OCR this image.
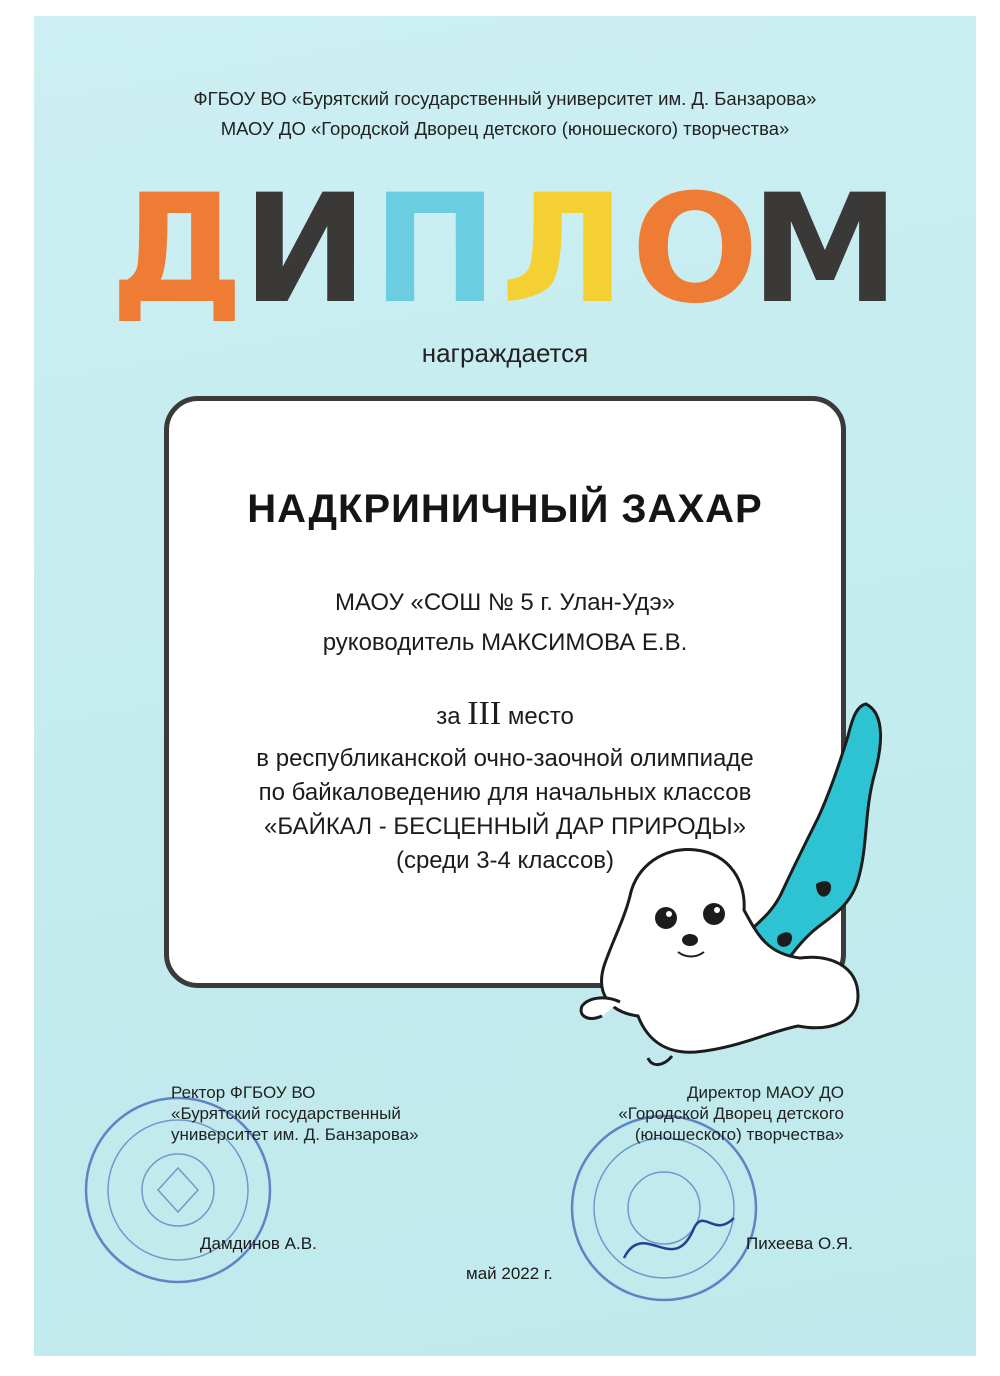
ФГБОУ ВО «Бурятский государственный университет им. Д. Банзарова»
МАОУ ДО «Городской Дворец детского (юношеского) творчества»
Д
И П Л О
М
награждается
НАДКРИНИЧНЫЙ ЗАХАР
МАОУ «СОШ № 5 г. Улан-Удэ»
руководитель МАКСИМОВА Е.В.
за III место
в республиканской очно-заочной олимпиаде
по байкаловедению для начальных классов
«БАЙКАЛ - БЕСЦЕННЫЙ ДАР ПРИРОДЫ»
(среди 3-4 классов)
Ректор ФГБОУ ВО
«Бурятский государственный
университет им. Д. Банзарова»
Дамдинов А.В.
Директор МАОУ ДО
«Городской Дворец детского
(юношеского) творчества»
Пихеева О.Я.
май 2022 г.
